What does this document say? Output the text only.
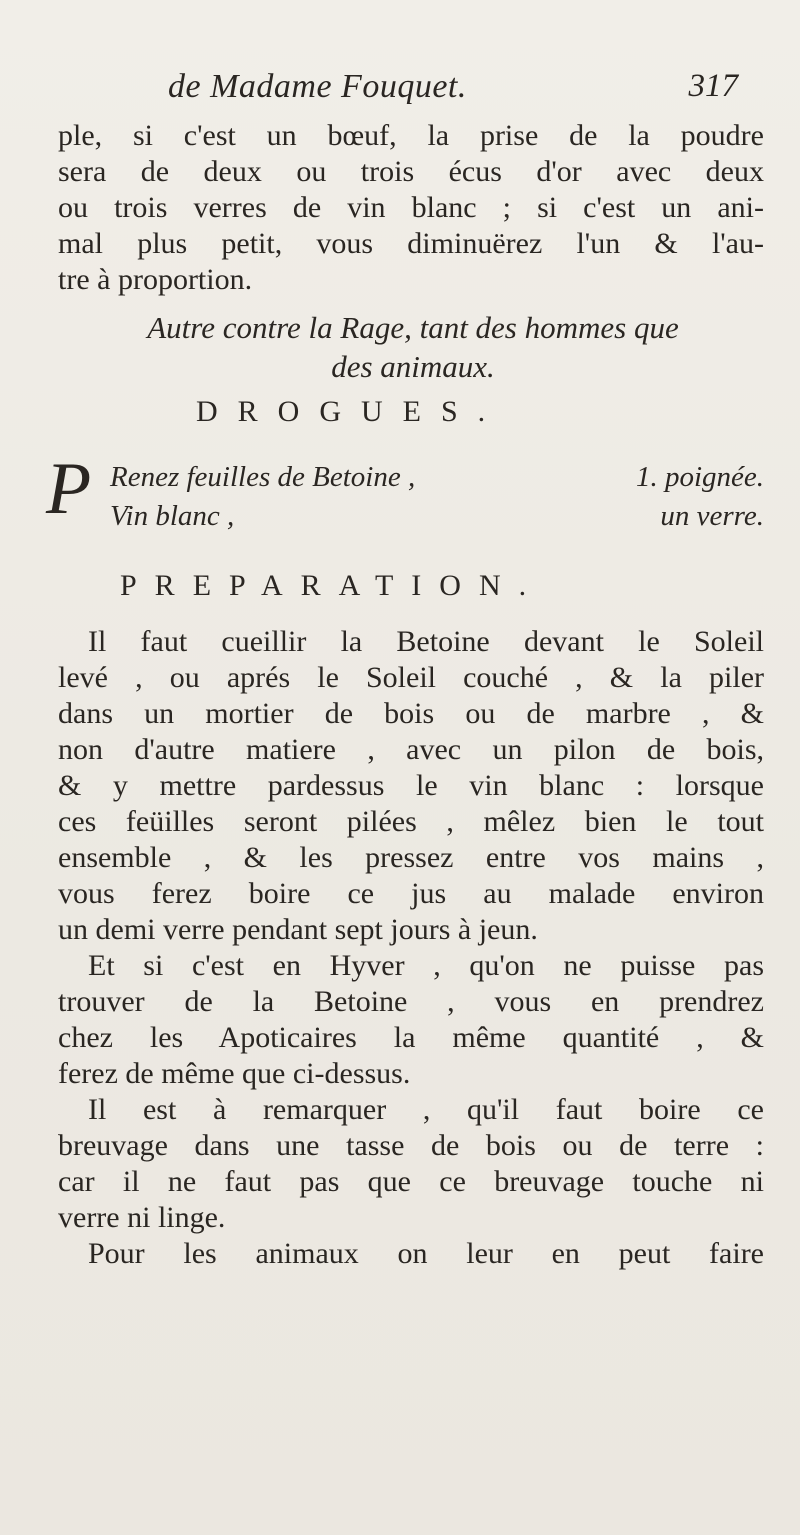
de Madame Fouquet.	317
ple, si c'est un bœuf, la prise de la poudre
sera de deux ou trois écus d'or avec deux
ou trois verres de vin blanc ; si c'est un ani-
mal plus petit, vous diminuërez l'un & l'au-
tre à proportion.
Autre contre la Rage, tant des hommes que
des animaux.
DROGUES.
P Renez feuilles de Betoine ,	1. poignée.
Vin blanc ,	un verre.
PREPARATION.
Il faut cueillir la Betoine devant le Soleil
levé , ou aprés le Soleil couché , & la piler
dans un mortier de bois ou de marbre , &
non d'autre matiere , avec un pilon de bois,
& y mettre pardessus le vin blanc : lorsque
ces feüilles seront pilées , mêlez bien le tout
ensemble , & les pressez entre vos mains ,
vous ferez boire ce jus au malade environ
un demi verre pendant sept jours à jeun.
Et si c'est en Hyver , qu'on ne puisse pas
trouver de la Betoine , vous en prendrez
chez les Apoticaires la même quantité , &
ferez de même que ci-dessus.
Il est à remarquer , qu'il faut boire ce
breuvage dans une tasse de bois ou de terre :
car il ne faut pas que ce breuvage touche ni
verre ni linge.
Pour les animaux on leur en peut faire
